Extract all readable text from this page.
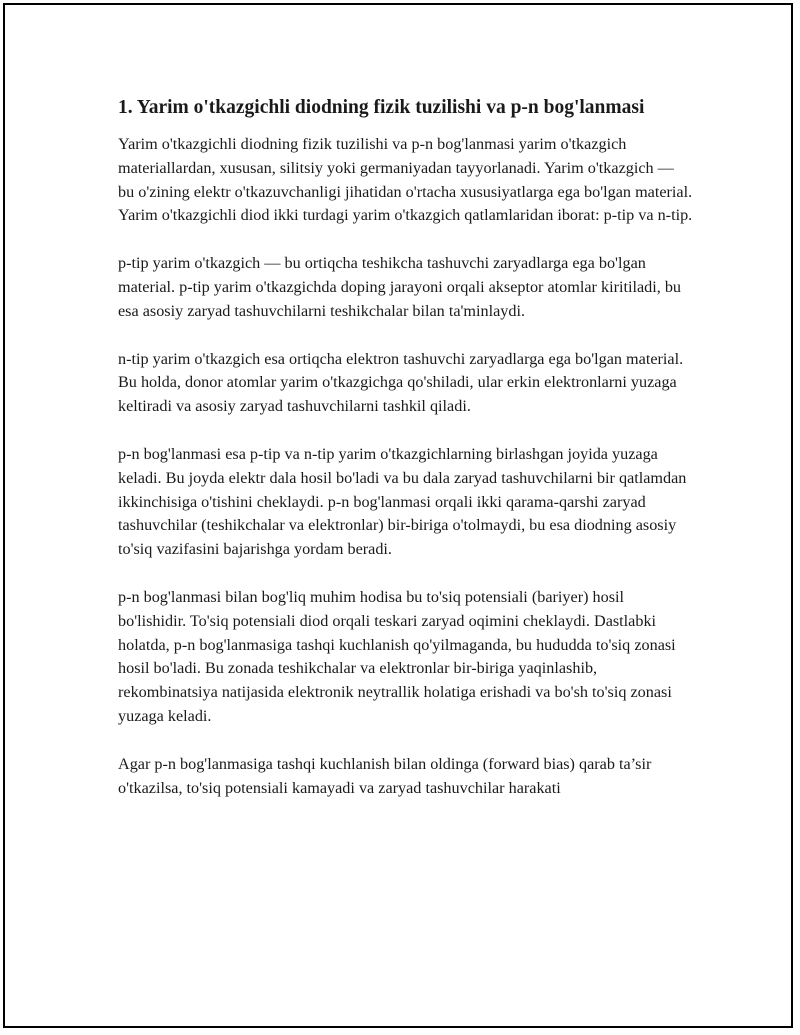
1. Yarim o'tkazgichli diodning fizik tuzilishi va p-n bog'lanmasi

Yarim o'tkazgichli diodning fizik tuzilishi va p-n bog'lanmasi yarim o'tkazgich materiallardan, xususan, silitsiy yoki germaniyadan tayyorlanadi. Yarim o'tkazgich — bu o'zining elektr o'tkazuvchanligi jihatidan o'rtacha xususiyatlarga ega bo'lgan material. Yarim o'tkazgichli diod ikki turdagi yarim o'tkazgich qatlamlaridan iborat: p-tip va n-tip.

p-tip yarim o'tkazgich — bu ortiqcha teshikcha tashuvchi zaryadlarga ega bo'lgan material. p-tip yarim o'tkazgichda doping jarayoni orqali akseptor atomlar kiritiladi, bu esa asosiy zaryad tashuvchilarni teshikchalar bilan ta'minlaydi.

n-tip yarim o'tkazgich esa ortiqcha elektron tashuvchi zaryadlarga ega bo'lgan material. Bu holda, donor atomlar yarim o'tkazgichga qo'shiladi, ular erkin elektronlarni yuzaga keltiradi va asosiy zaryad tashuvchilarni tashkil qiladi.

p-n bog'lanmasi esa p-tip va n-tip yarim o'tkazgichlarning birlashgan joyida yuzaga keladi. Bu joyda elektr dala hosil bo'ladi va bu dala zaryad tashuvchilarni bir qatlamdan ikkinchisiga o'tishini cheklaydi. p-n bog'lanmasi orqali ikki qarama-qarshi zaryad tashuvchilar (teshikchalar va elektronlar) bir-biriga o'tolmaydi, bu esa diodning asosiy to'siq vazifasini bajarishga yordam beradi.

p-n bog'lanmasi bilan bog'liq muhim hodisa bu to'siq potensiali (bariyer) hosil bo'lishidir. To'siq potensiali diod orqali teskari zaryad oqimini cheklaydi. Dastlabki holatda, p-n bog'lanmasiga tashqi kuchlanish qo'yilmaganda, bu hududda to'siq zonasi hosil bo'ladi. Bu zonada teshikchalar va elektronlar bir-biriga yaqinlashib, rekombinatsiya natijasida elektronik neytrallik holatiga erishadi va bo'sh to'siq zonasi yuzaga keladi.

Agar p-n bog'lanmasiga tashqi kuchlanish bilan oldinga (forward bias) qarab ta’sir o'tkazilsa, to'siq potensiali kamayadi va zaryad tashuvchilar harakati
